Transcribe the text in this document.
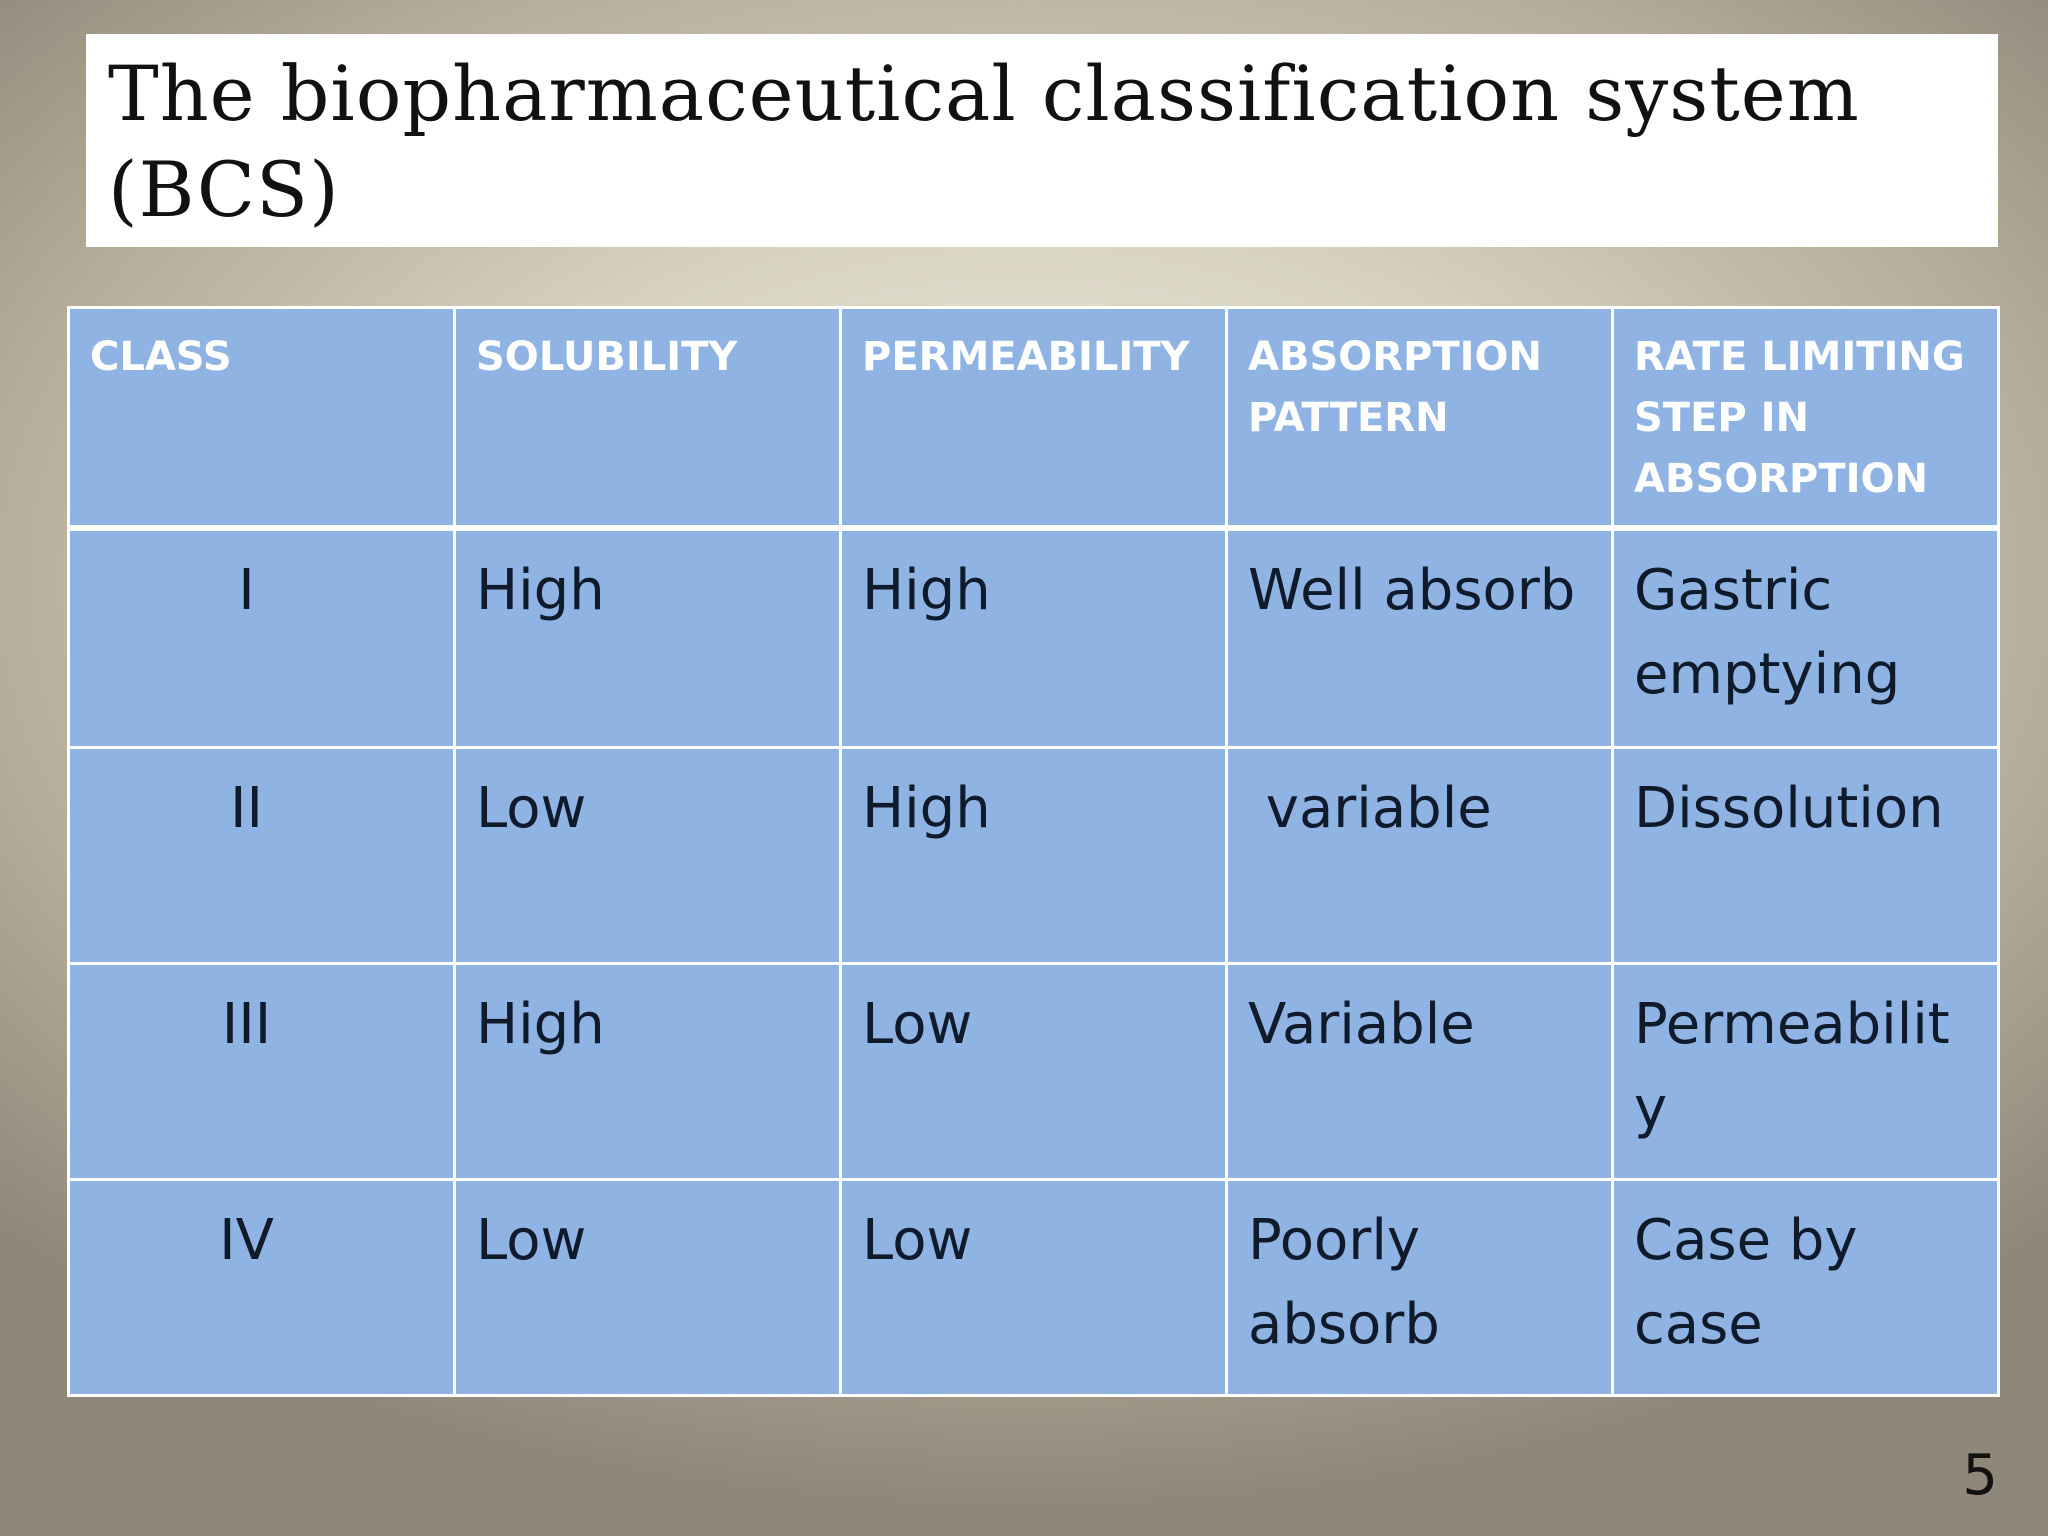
The biopharmaceutical classification system (BCS)
CLASS	SOLUBILITY	PERMEABILITY	ABSORPTION PATTERN	RATE LIMITING STEP IN ABSORPTION
I	High	High	Well absorb	Gastric emptying
II	Low	High	variable	Dissolution
III	High	Low	Variable	Permeability
IV	Low	Low	Poorly absorb	Case by case
5
